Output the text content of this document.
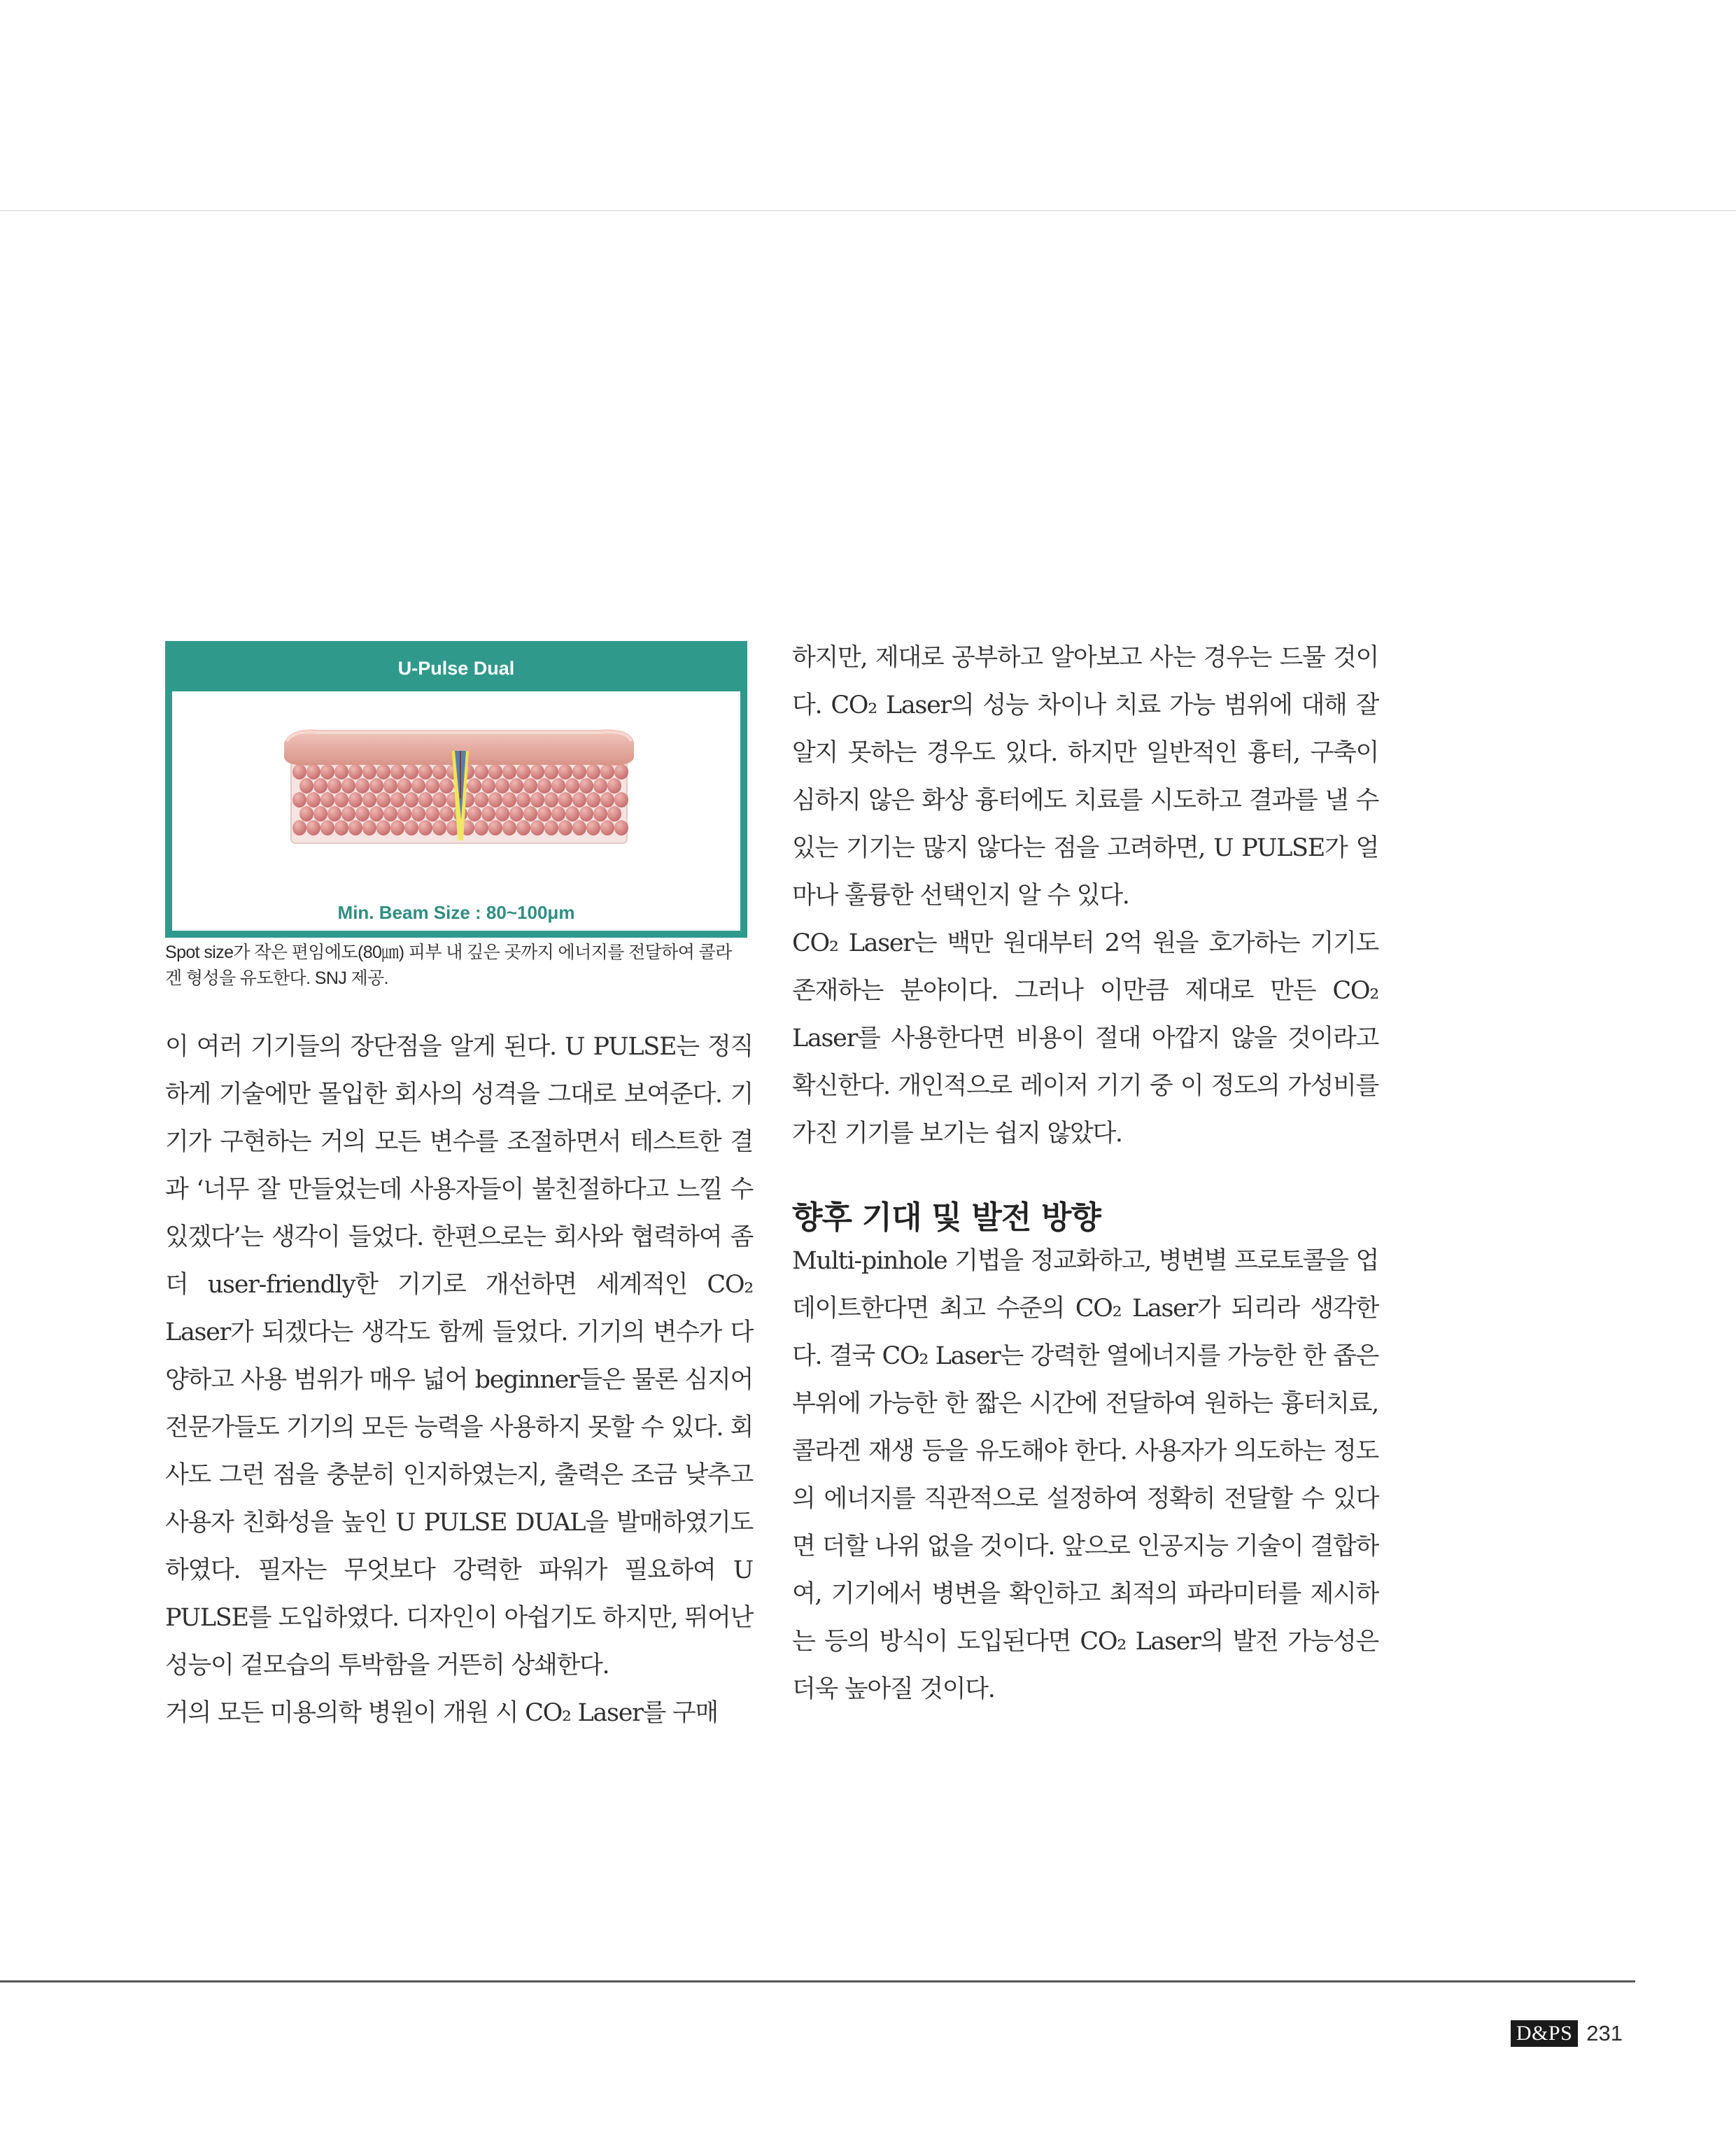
U-Pulse Dual
Min. Beam Size : 80~100μm
Spot size가 작은 편임에도(80㎛) 피부 내 깊은 곳까지 에너지를 전달하여 콜라겐 형성을 유도한다. SNJ 제공.

이 여러 기기들의 장단점을 알게 된다. U PULSE는 정직하게 기술에만 몰입한 회사의 성격을 그대로 보여준다. 기기가 구현하는 거의 모든 변수를 조절하면서 테스트한 결과 ‘너무 잘 만들었는데 사용자들이 불친절하다고 느낄 수 있겠다’는 생각이 들었다. 한편으로는 회사와 협력하여 좀 더 user-friendly한 기기로 개선하면 세계적인 CO₂ Laser가 되겠다는 생각도 함께 들었다. 기기의 변수가 다양하고 사용 범위가 매우 넓어 beginner들은 물론 심지어 전문가들도 기기의 모든 능력을 사용하지 못할 수 있다. 회사도 그런 점을 충분히 인지하였는지, 출력은 조금 낮추고 사용자 친화성을 높인 U PULSE DUAL을 발매하였기도 하였다. 필자는 무엇보다 강력한 파워가 필요하여 U PULSE를 도입하였다. 디자인이 아쉽기도 하지만, 뛰어난 성능이 겉모습의 투박함을 거뜬히 상쇄한다.

거의 모든 미용의학 병원이 개원 시 CO₂ Laser를 구매

하지만, 제대로 공부하고 알아보고 사는 경우는 드물 것이다. CO₂ Laser의 성능 차이나 치료 가능 범위에 대해 잘 알지 못하는 경우도 있다. 하지만 일반적인 흉터, 구축이 심하지 않은 화상 흉터에도 치료를 시도하고 결과를 낼 수 있는 기기는 많지 않다는 점을 고려하면, U PULSE가 얼마나 훌륭한 선택인지 알 수 있다.

CO₂ Laser는 백만 원대부터 2억 원을 호가하는 기기도 존재하는 분야이다. 그러나 이만큼 제대로 만든 CO₂ Laser를 사용한다면 비용이 절대 아깝지 않을 것이라고 확신한다. 개인적으로 레이저 기기 중 이 정도의 가성비를 가진 기기를 보기는 쉽지 않았다.

향후 기대 및 발전 방향

Multi-pinhole 기법을 정교화하고, 병변별 프로토콜을 업데이트한다면 최고 수준의 CO₂ Laser가 되리라 생각한다. 결국 CO₂ Laser는 강력한 열에너지를 가능한 한 좁은 부위에 가능한 한 짧은 시간에 전달하여 원하는 흉터치료, 콜라겐 재생 등을 유도해야 한다. 사용자가 의도하는 정도의 에너지를 직관적으로 설정하여 정확히 전달할 수 있다면 더할 나위 없을 것이다. 앞으로 인공지능 기술이 결합하여, 기기에서 병변을 확인하고 최적의 파라미터를 제시하는 등의 방식이 도입된다면 CO₂ Laser의 발전 가능성은 더욱 높아질 것이다.

D&PS 231
